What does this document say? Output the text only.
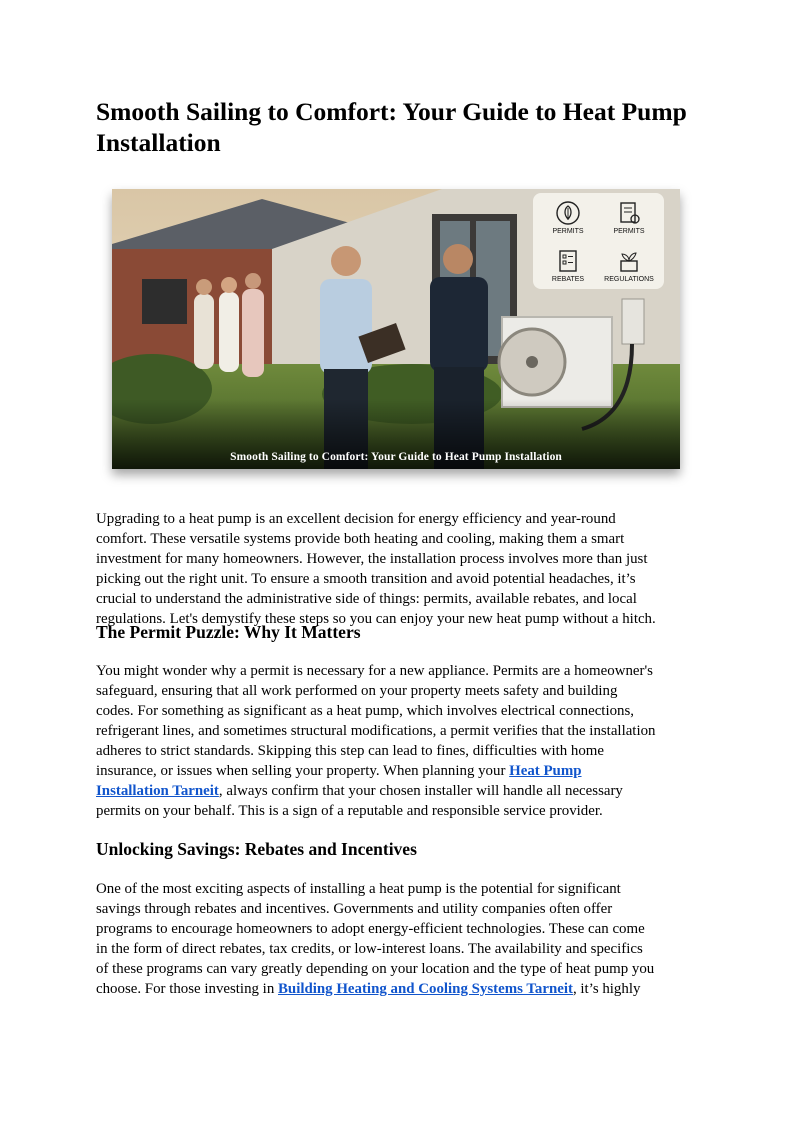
Smooth Sailing to Comfort: Your Guide to Heat Pump Installation
PERMITS	PERMITS
REBATES	REGULATIONS
Smooth Sailing to Comfort: Your Guide to Heat Pump Installation

Upgrading to a heat pump is an excellent decision for energy efficiency and year-round
comfort. These versatile systems provide both heating and cooling, making them a smart
investment for many homeowners. However, the installation process involves more than just
picking out the right unit. To ensure a smooth transition and avoid potential headaches, it’s
crucial to understand the administrative side of things: permits, available rebates, and local
regulations. Let's demystify these steps so you can enjoy your new heat pump without a hitch.

The Permit Puzzle: Why It Matters

You might wonder why a permit is necessary for a new appliance. Permits are a homeowner's
safeguard, ensuring that all work performed on your property meets safety and building
codes. For something as significant as a heat pump, which involves electrical connections,
refrigerant lines, and sometimes structural modifications, a permit verifies that the installation
adheres to strict standards. Skipping this step can lead to fines, difficulties with home
insurance, or issues when selling your property. When planning your Heat Pump
Installation Tarneit, always confirm that your chosen installer will handle all necessary
permits on your behalf. This is a sign of a reputable and responsible service provider.

Unlocking Savings: Rebates and Incentives

One of the most exciting aspects of installing a heat pump is the potential for significant
savings through rebates and incentives. Governments and utility companies often offer
programs to encourage homeowners to adopt energy-efficient technologies. These can come
in the form of direct rebates, tax credits, or low-interest loans. The availability and specifics
of these programs can vary greatly depending on your location and the type of heat pump you
choose. For those investing in Building Heating and Cooling Systems Tarneit, it’s highly
